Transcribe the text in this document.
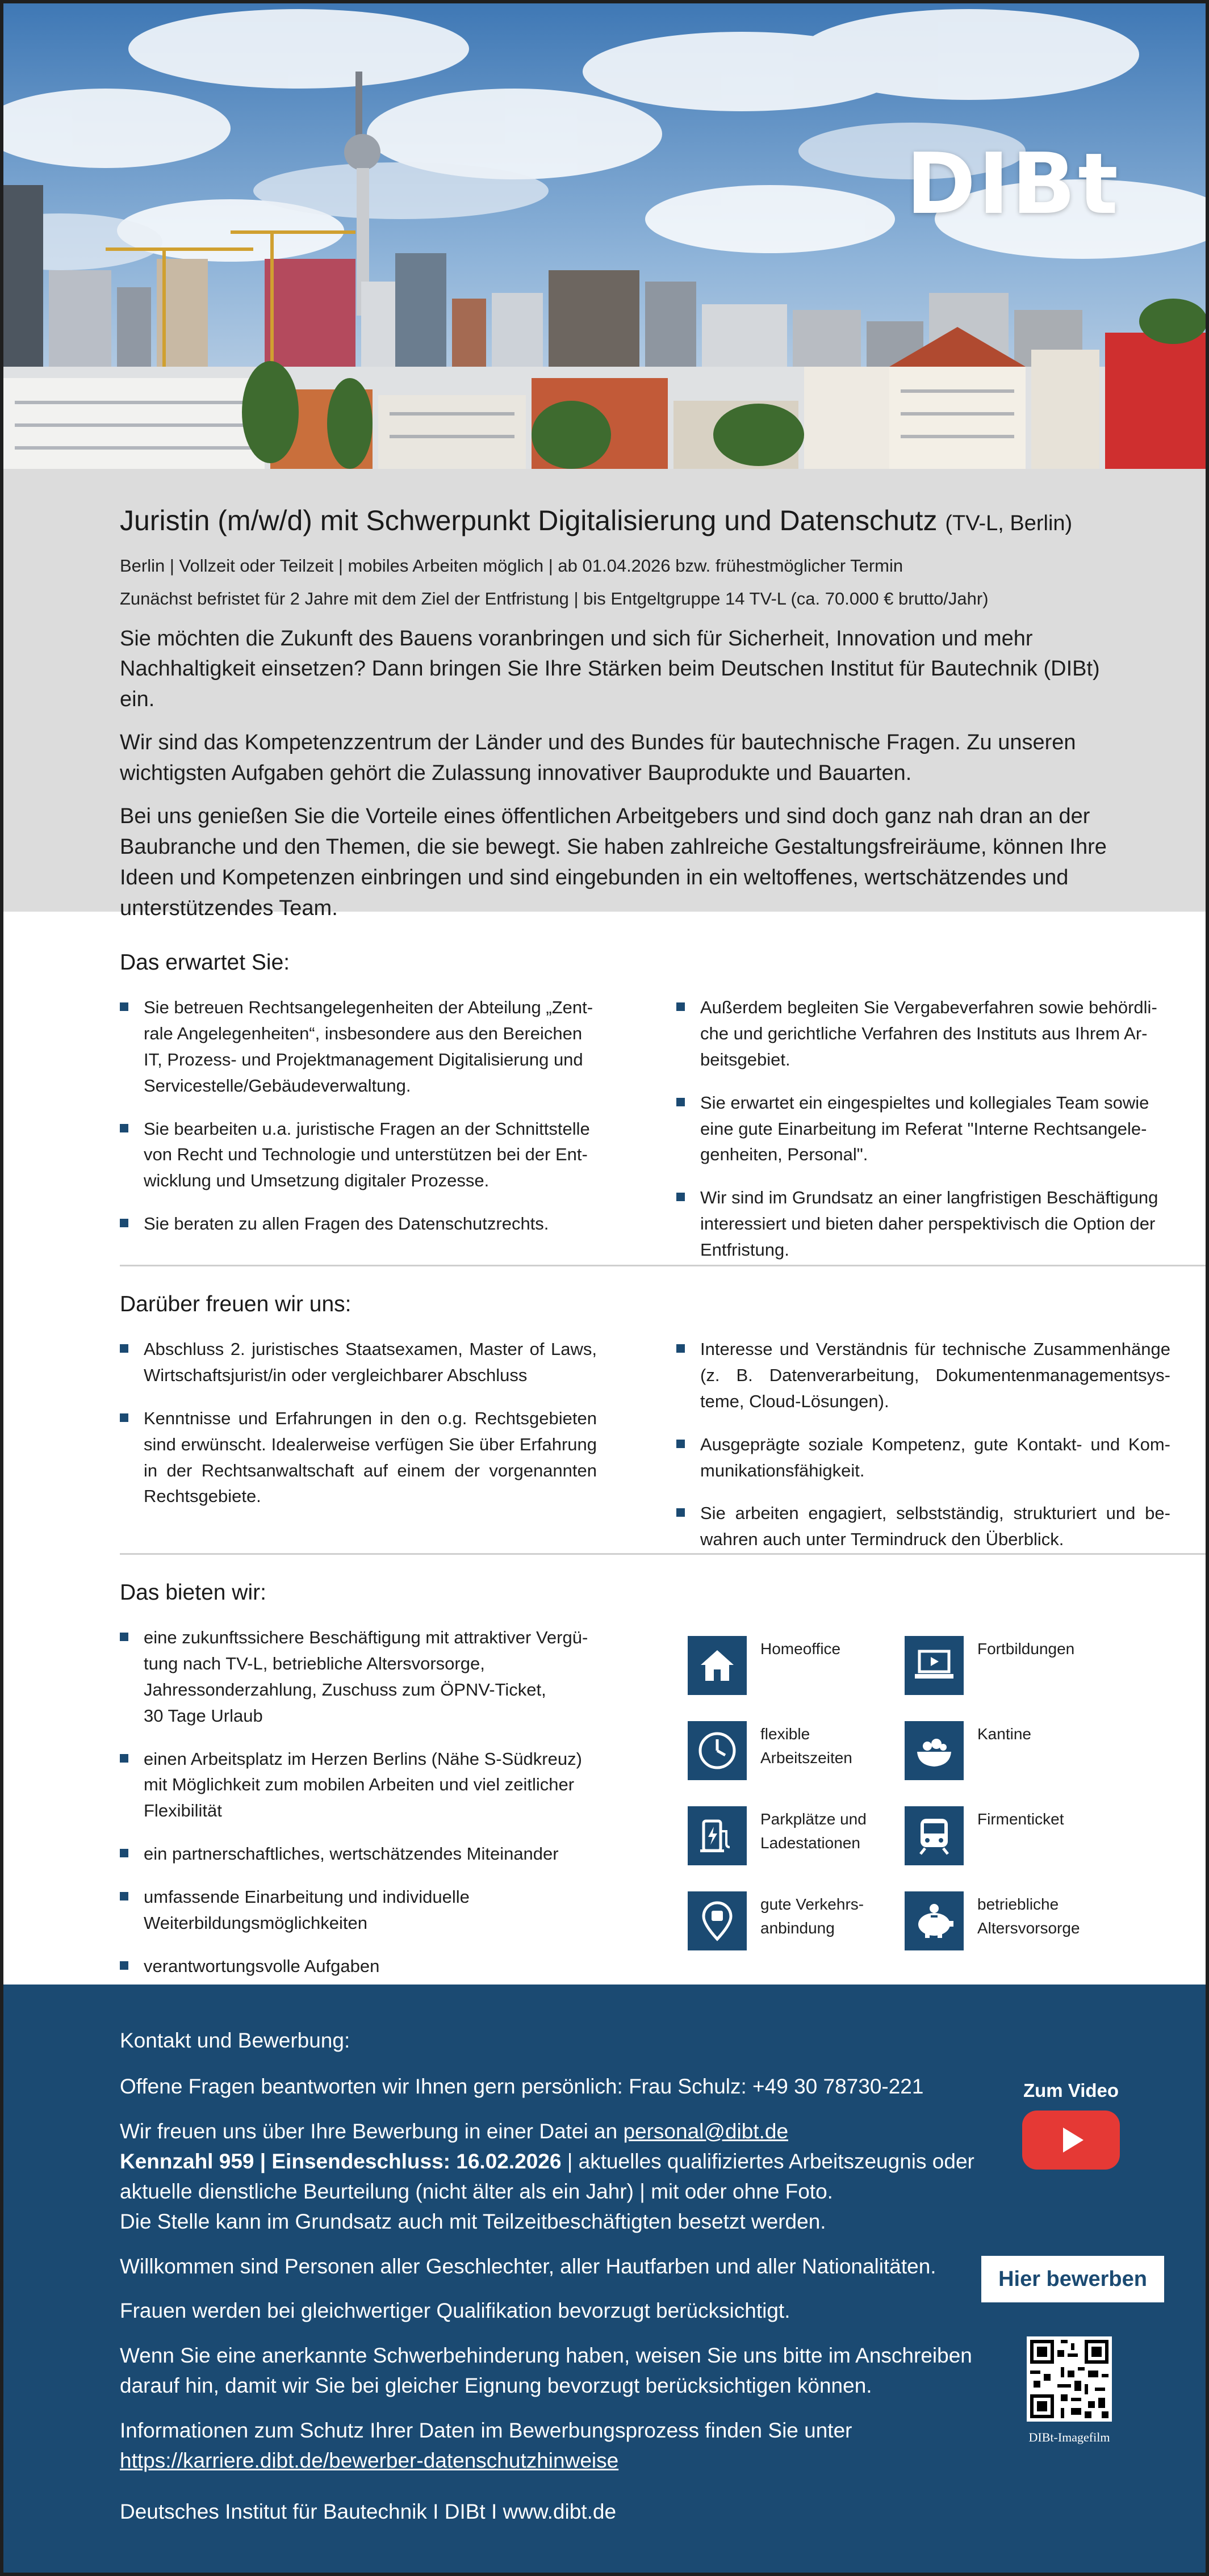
DIBt
Juristin (m/w/d) mit Schwerpunkt Digitalisierung und Datenschutz (TV-L, Berlin)
Berlin | Vollzeit oder Teilzeit | mobiles Arbeiten möglich | ab 01.04.2026 bzw. frühestmöglicher Termin
Zunächst befristet für 2 Jahre mit dem Ziel der Entfristung | bis Entgeltgruppe 14 TV-L (ca. 70.000 € brutto/Jahr)

Sie möchten die Zukunft des Bauens voranbringen und sich für Sicherheit, Innovation und mehr Nachhaltigkeit einsetzen? Dann bringen Sie Ihre Stärken beim Deutschen Institut für Bautechnik (DIBt) ein.

Wir sind das Kompetenzzentrum der Länder und des Bundes für bautechnische Fragen. Zu unseren wichtigsten Aufgaben gehört die Zulassung innovativer Bauprodukte und Bauarten.

Bei uns genießen Sie die Vorteile eines öffentlichen Arbeitgebers und sind doch ganz nah dran an der Baubranche und den Themen, die sie bewegt. Sie haben zahlreiche Gestaltungsfreiräume, können Ihre Ideen und Kompetenzen einbringen und sind eingebunden in ein weltoffenes, wertschätzendes und unterstützendes Team.

Das erwartet Sie:
Sie betreuen Rechtsangelegenheiten der Abteilung „Zentrale Angelegenheiten“, insbesondere aus den Bereichen IT, Prozess- und Projektmanagement Digitalisierung und Servicestelle/Gebäudeverwaltung.
Sie bearbeiten u.a. juristische Fragen an der Schnittstelle von Recht und Technologie und unterstützen bei der Entwicklung und Umsetzung digitaler Prozesse.
Sie beraten zu allen Fragen des Datenschutzrechts.
Außerdem begleiten Sie Vergabeverfahren sowie behördliche und gerichtliche Verfahren des Instituts aus Ihrem Arbeitsgebiet.
Sie erwartet ein eingespieltes und kollegiales Team sowie eine gute Einarbeitung im Referat "Interne Rechtsangelegenheiten, Personal".
Wir sind im Grundsatz an einer langfristigen Beschäftigung interessiert und bieten daher perspektivisch die Option der Entfristung.
Darüber freuen wir uns:
Abschluss 2. juristisches Staatsexamen, Master of Laws, Wirtschaftsjurist/in oder vergleichbarer Abschluss
Kenntnisse und Erfahrungen in den o.g. Rechtsgebieten sind erwünscht. Idealerweise verfügen Sie über Erfahrung in der Rechtsanwaltschaft auf einem der vorgenannten Rechtsgebiete.
Interesse und Verständnis für technische Zusammenhänge (z. B. Datenverarbeitung, Dokumentenmanagementsysteme, Cloud-Lösungen).
Ausgeprägte soziale Kompetenz, gute Kontakt- und Kommunikationsfähigkeit.
Sie arbeiten engagiert, selbstständig, strukturiert und bewahren auch unter Termindruck den Überblick.
Das bieten wir:
eine zukunftssichere Beschäftigung mit attraktiver Vergütung nach TV-L, betriebliche Altersvorsorge, Jahressonderzahlung, Zuschuss zum ÖPNV-Ticket,
30 Tage Urlaub
einen Arbeitsplatz im Herzen Berlins (Nähe S-Südkreuz) mit Möglichkeit zum mobilen Arbeiten und viel zeitlicher Flexibilität
ein partnerschaftliches, wertschätzendes Miteinander
umfassende Einarbeitung und individuelle Weiterbildungsmöglichkeiten
verantwortungsvolle Aufgaben
Homeoffice	Fortbildungen
flexible
Arbeitszeiten
Kantine
Parkplätze und
Ladestationen
Firmenticket
gute Verkehrs-
anbindung
betriebliche
Altersvorsorge
Kontakt und Bewerbung:

Offene Fragen beantworten wir Ihnen gern persönlich: Frau Schulz: +49 30 78730-221

Wir freuen uns über Ihre Bewerbung in einer Datei an personal@dibt.de
Kennzahl 959 | Einsendeschluss: 16.02.2026 | aktuelles qualifiziertes Arbeitszeugnis oder aktuelle dienstliche Beurteilung (nicht älter als ein Jahr) | mit oder ohne Foto.
Die Stelle kann im Grundsatz auch mit Teilzeitbeschäftigten besetzt werden.

Willkommen sind Personen aller Geschlechter, aller Hautfarben und aller Nationalitäten.

Frauen werden bei gleichwertiger Qualifikation bevorzugt berücksichtigt.

Wenn Sie eine anerkannte Schwerbehinderung haben, weisen Sie uns bitte im Anschreiben darauf hin, damit wir Sie bei gleicher Eignung bevorzugt berücksichtigen können.

Informationen zum Schutz Ihrer Daten im Bewerbungsprozess finden Sie unter
https://karriere.dibt.de/bewerber-datenschutzhinweise
Deutsches Institut für Bautechnik I DIBt I www.dibt.de
Zum Video
Hier bewerben
DIBt-Imagefilm
